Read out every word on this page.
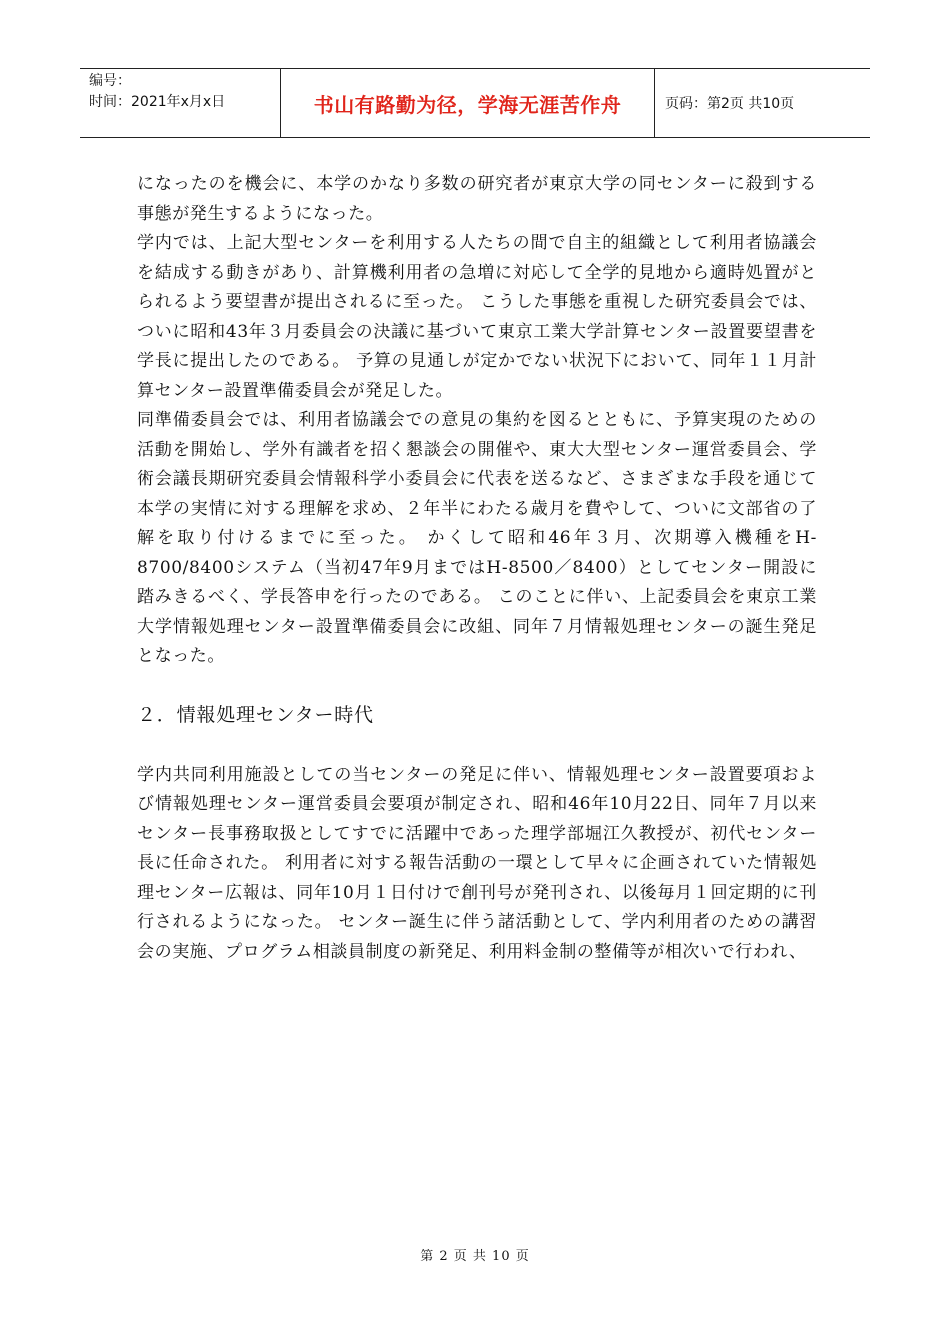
编号：
时间：2021年x月x日	书山有路勤为径，学海无涯苦作舟	页码：第2页 共10页

になったのを機会に、本学のかなり多数の研究者が東京大学の同センターに殺到する事態が発生するようになった。

学内では、上記大型センターを利用する人たちの間で自主的組織として利用者協議会を結成する動きがあり、計算機利用者の急増に対応して全学的見地から適時処置がとられるよう要望書が提出されるに至った。 こうした事態を重視した研究委員会では、ついに昭和43年３月委員会の決議に基づいて東京工業大学計算センター設置要望書を学長に提出したのである。 予算の見通しが定かでない状況下において、同年１１月計算センター設置準備委員会が発足した。

同準備委員会では、利用者協議会での意見の集約を図るとともに、予算実現のための活動を開始し、学外有識者を招く懇談会の開催や、東大大型センター運営委員会、学術会議長期研究委員会情報科学小委員会に代表を送るなど、さまざまな手段を通じて本学の実情に対する理解を求め、２年半にわたる歳月を費やして、ついに文部省の了解を取り付けるまでに至った。 かくして昭和46年３月、次期導入機種をH-8700/8400システム（当初47年9月まではH-8500／8400）としてセンター開設に踏みきるべく、学長答申を行ったのである。 このことに伴い、上記委員会を東京工業大学情報処理センター設置準備委員会に改組、同年７月情報処理センターの誕生発足となった。

２．情報処理センター時代

学内共同利用施設としての当センターの発足に伴い、情報処理センター設置要項および情報処理センター運営委員会要項が制定され、昭和46年10月22日、同年７月以来センター長事務取扱としてすでに活躍中であった理学部堀江久教授が、初代センター長に任命された。 利用者に対する報告活動の一環として早々に企画されていた情報処理センター広報は、同年10月１日付けで創刊号が発刊され、以後毎月１回定期的に刊行されるようになった。 センター誕生に伴う諸活動として、学内利用者のための講習会の実施、プログラム相談員制度の新発足、利用料金制の整備等が相次いで行われ、

第 2 页 共 10 页
